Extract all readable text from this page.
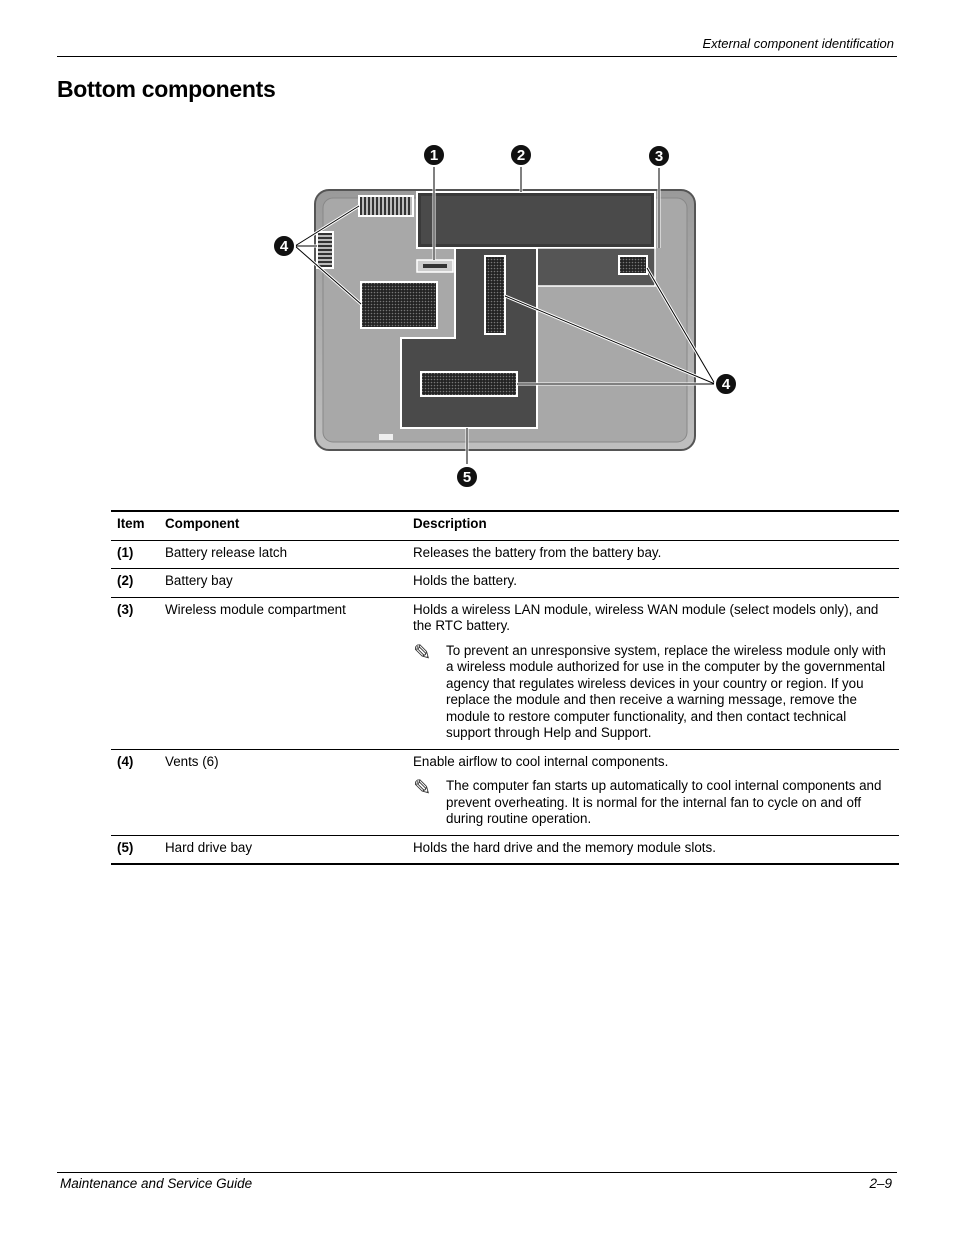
External component identification
Bottom components
1	2	3
4
4
5
Item	Component	Description
(1)	Battery release latch	Releases the battery from the battery bay.
(2)	Battery bay	Holds the battery.
(3)	Wireless module compartment	Holds a wireless LAN module, wireless WAN module (select models only), and the RTC battery.
✎ To prevent an unresponsive system, replace the wireless module only with a wireless module authorized for use in the computer by the governmental agency that regulates wireless devices in your country or region. If you replace the module and then receive a warning message, remove the module to restore computer functionality, and then contact technical support through Help and Support.

(4)	Vents (6)	Enable airflow to cool internal components.
✎ The computer fan starts up automatically to cool internal components and prevent overheating. It is normal for the internal fan to cycle on and off during routine operation.

(5)	Hard drive bay	Holds the hard drive and the memory module slots.
Maintenance and Service Guide	2–9
